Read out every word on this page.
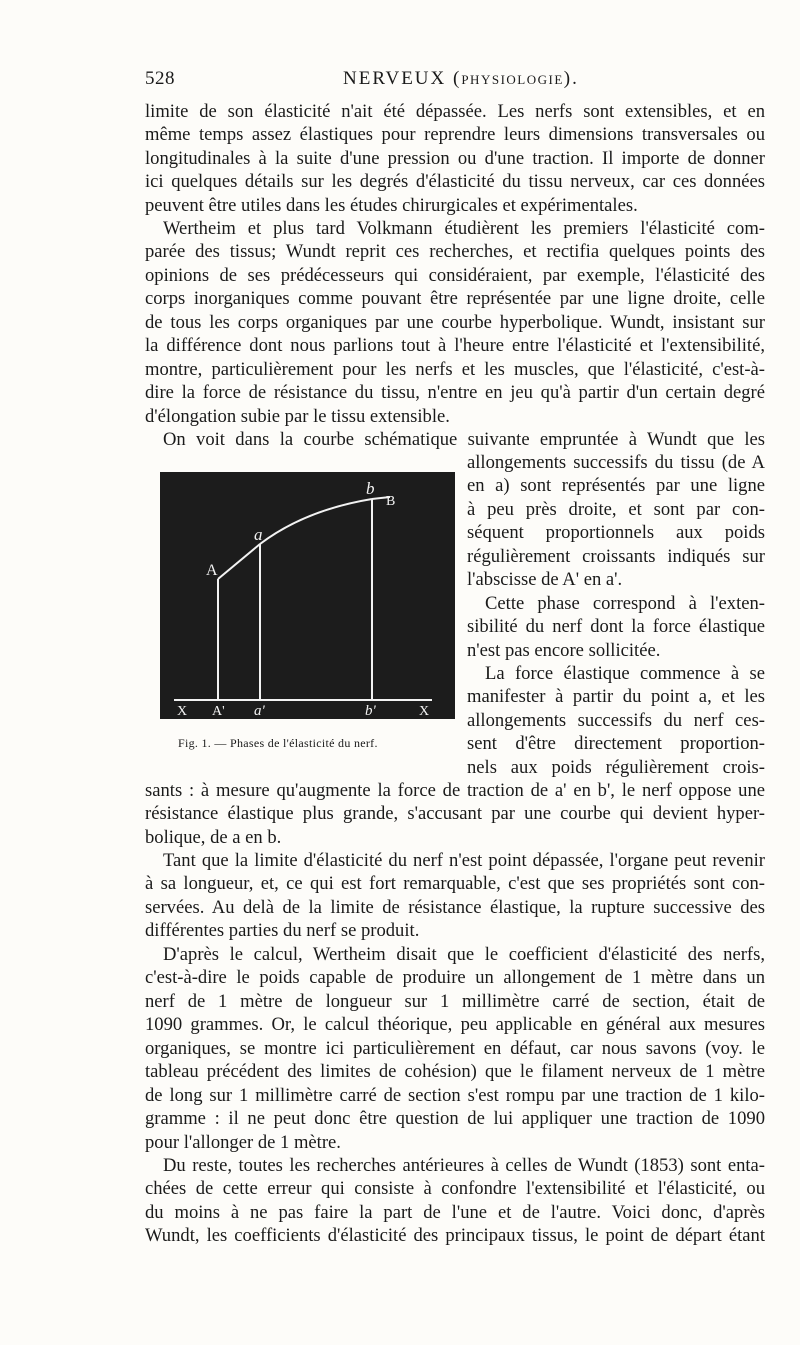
528	NERVEUX (PHYSIOLOGIE).

limite de son élasticité n'ait été dépassée. Les nerfs sont extensibles, et en
même temps assez élastiques pour reprendre leurs dimensions transversales ou
longitudinales à la suite d'une pression ou d'une traction. Il importe de donner
ici quelques détails sur les degrés d'élasticité du tissu nerveux, car ces données
peuvent être utiles dans les études chirurgicales et expérimentales.

Wertheim et plus tard Volkmann étudièrent les premiers l'élasticité com-
parée des tissus; Wundt reprit ces recherches, et rectifia quelques points des
opinions de ses prédécesseurs qui considéraient, par exemple, l'élasticité des
corps inorganiques comme pouvant être représentée par une ligne droite, celle
de tous les corps organiques par une courbe hyperbolique. Wundt, insistant sur
la différence dont nous parlions tout à l'heure entre l'élasticité et l'extensibilité,
montre, particulièrement pour les nerfs et les muscles, que l'élasticité, c'est-à-
dire la force de résistance du tissu, n'entre en jeu qu'à partir d'un certain degré
d'élongation subie par le tissu extensible.

On voit dans la courbe schématique suivante empruntée à Wundt que les

allongements successifs du tissu (de A
en a) sont représentés par une ligne
à peu près droite, et sont par con-
séquent proportionnels aux poids
régulièrement croissants indiqués sur
l'abscisse de A' en a'.

Cette phase correspond à l'exten-
sibilité du nerf dont la force élastique
n'est pas encore sollicitée.

La force élastique commence à se
manifester à partir du point a, et les
allongements successifs du nerf ces-
sent d'être directement proportion-
nels aux poids régulièrement crois-

sants : à mesure qu'augmente la force de traction de a' en b', le nerf oppose une
résistance élastique plus grande, s'accusant par une courbe qui devient hyper-
bolique, de a en b.

Tant que la limite d'élasticité du nerf n'est point dépassée, l'organe peut revenir
à sa longueur, et, ce qui est fort remarquable, c'est que ses propriétés sont con-
servées. Au delà de la limite de résistance élastique, la rupture successive des
différentes parties du nerf se produit.

D'après le calcul, Wertheim disait que le coefficient d'élasticité des nerfs,
c'est-à-dire le poids capable de produire un allongement de 1 mètre dans un
nerf de 1 mètre de longueur sur 1 millimètre carré de section, était de
1090 grammes. Or, le calcul théorique, peu applicable en général aux mesures
organiques, se montre ici particulièrement en défaut, car nous savons (voy. le
tableau précédent des limites de cohésion) que le filament nerveux de 1 mètre
de long sur 1 millimètre carré de section s'est rompu par une traction de 1 kilo-
gramme : il ne peut donc être question de lui appliquer une traction de 1090
pour l'allonger de 1 mètre.

Du reste, toutes les recherches antérieures à celles de Wundt (1853) sont enta-
chées de cette erreur qui consiste à confondre l'extensibilité et l'élasticité, ou
du moins à ne pas faire la part de l'une et de l'autre. Voici donc, d'après
Wundt, les coefficients d'élasticité des principaux tissus, le point de départ étant

A
a
b
B
X A' a'	b'	X
Fig. 1. — Phases de l'élasticité du nerf.
